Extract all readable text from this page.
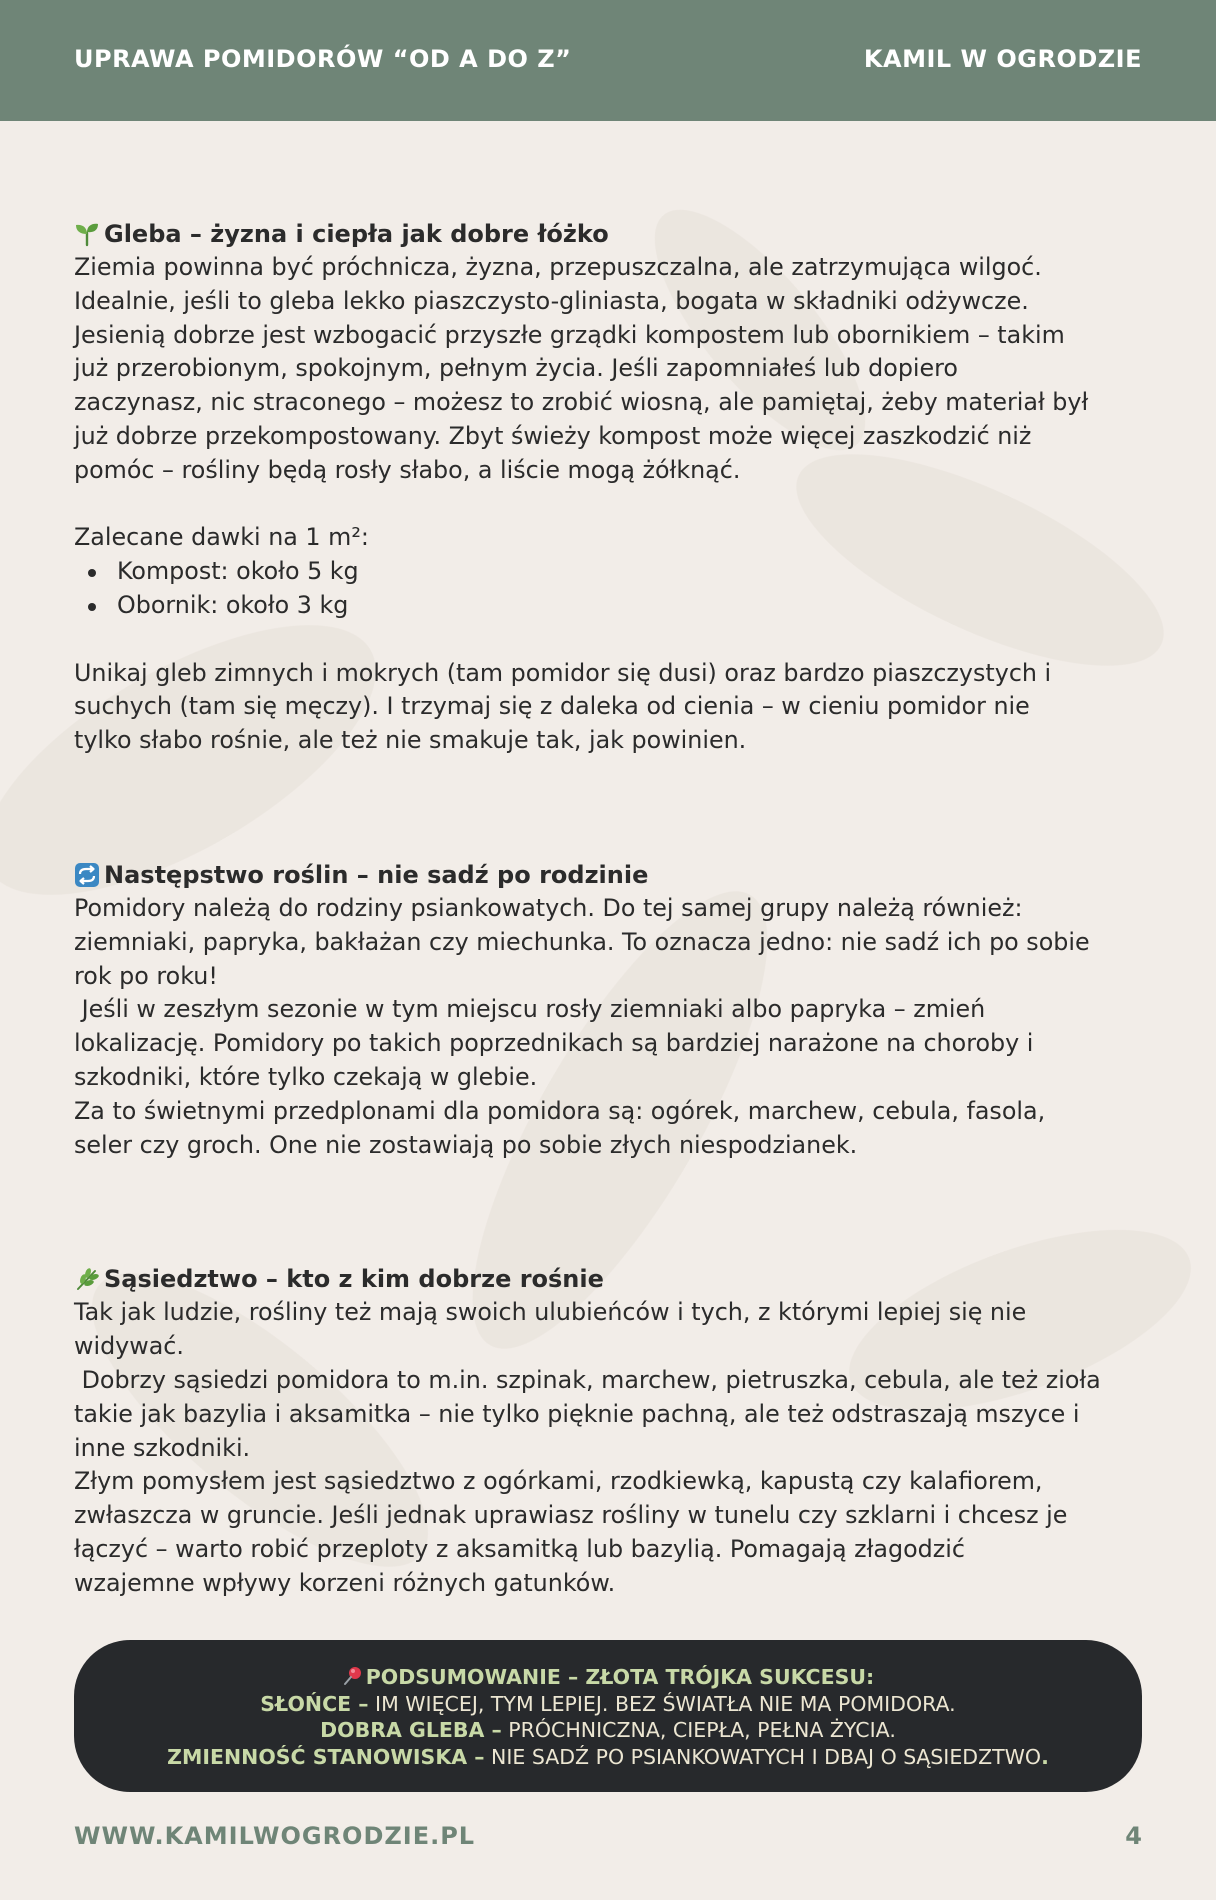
UPRAWA POMIDORÓW “OD A DO Z”	KAMIL W OGRODZIE
Gleba – żyzna i ciepła jak dobre łóżko

Ziemia powinna być próchnicza, żyzna, przepuszczalna, ale zatrzymująca wilgoć.

Idealnie, jeśli to gleba lekko piaszczysto-gliniasta, bogata w składniki odżywcze.

Jesienią dobrze jest wzbogacić przyszłe grządki kompostem lub obornikiem – takim

już przerobionym, spokojnym, pełnym życia. Jeśli zapomniałeś lub dopiero

zaczynasz, nic straconego – możesz to zrobić wiosną, ale pamiętaj, żeby materiał był

już dobrze przekompostowany. Zbyt świeży kompost może więcej zaszkodzić niż

pomóc – rośliny będą rosły słabo, a liście mogą żółknąć.

Zalecane dawki na 1 m²:

Kompost: około 5 kg
Obornik: około 3 kg

Unikaj gleb zimnych i mokrych (tam pomidor się dusi) oraz bardzo piaszczystych i

suchych (tam się męczy). I trzymaj się z daleka od cienia – w cieniu pomidor nie

tylko słabo rośnie, ale też nie smakuje tak, jak powinien.

Następstwo roślin – nie sadź po rodzinie

Pomidory należą do rodziny psiankowatych. Do tej samej grupy należą również:

ziemniaki, papryka, bakłażan czy miechunka. To oznacza jedno: nie sadź ich po sobie

rok po roku!

Jeśli w zeszłym sezonie w tym miejscu rosły ziemniaki albo papryka – zmień

lokalizację. Pomidory po takich poprzednikach są bardziej narażone na choroby i

szkodniki, które tylko czekają w glebie.

Za to świetnymi przedplonami dla pomidora są: ogórek, marchew, cebula, fasola,

seler czy groch. One nie zostawiają po sobie złych niespodzianek.

Sąsiedztwo – kto z kim dobrze rośnie

Tak jak ludzie, rośliny też mają swoich ulubieńców i tych, z którymi lepiej się nie

widywać.

Dobrzy sąsiedzi pomidora to m.in. szpinak, marchew, pietruszka, cebula, ale też zioła

takie jak bazylia i aksamitka – nie tylko pięknie pachną, ale też odstraszają mszyce i

inne szkodniki.

Złym pomysłem jest sąsiedztwo z ogórkami, rzodkiewką, kapustą czy kalafiorem,

zwłaszcza w gruncie. Jeśli jednak uprawiasz rośliny w tunelu czy szklarni i chcesz je

łączyć – warto robić przeploty z aksamitką lub bazylią. Pomagają złagodzić

wzajemne wpływy korzeni różnych gatunków.

PODSUMOWANIE – ZŁOTA TRÓJKA SUKCESU:
SŁOŃCE – IM WIĘCEJ, TYM LEPIEJ. BEZ ŚWIATŁA NIE MA POMIDORA.
DOBRA GLEBA – PRÓCHNICZNA, CIEPŁA, PEŁNA ŻYCIA.
ZMIENNOŚĆ STANOWISKA – NIE SADŹ PO PSIANKOWATYCH I DBAJ O SĄSIEDZTWO.
WWW.KAMILWOGRODZIE.PL	4
